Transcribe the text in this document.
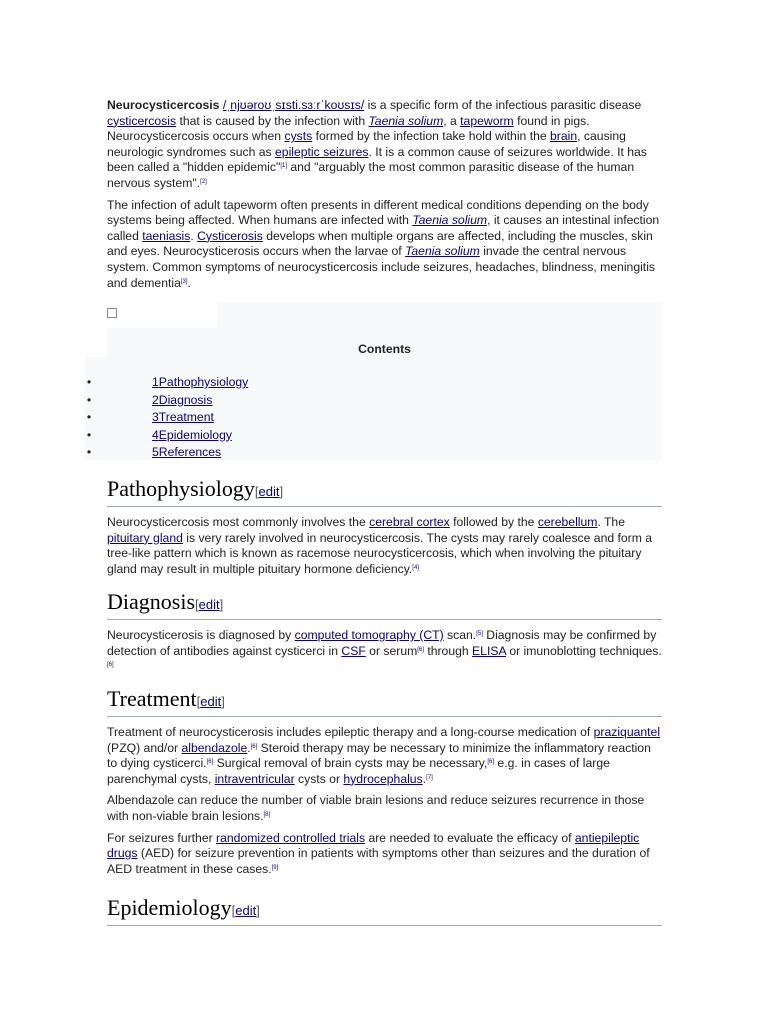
Neurocysticercosis /ˌnjʊəroʊˌsɪsti.sɜːrˈkoʊsɪs/ is a specific form of the infectious parasitic disease cysticercosis that is caused by the infection with Taenia solium, a tapeworm found in pigs. Neurocysticercosis occurs when cysts formed by the infection take hold within the brain, causing neurologic syndromes such as epileptic seizures. It is a common cause of seizures worldwide. It has been called a "hidden epidemic"[1] and "arguably the most common parasitic disease of the human nervous system".[2]

The infection of adult tapeworm often presents in different medical conditions depending on the body systems being affected. When humans are infected with Taenia solium, it causes an intestinal infection called taeniasis. Cysticerosis develops when multiple organs are affected, including the muscles, skin and eyes. Neurocysticerosis occurs when the larvae of Taenia solium invade the central nervous system. Common symptoms of neurocysticercosis include seizures, headaches, blindness, meningitis and dementia[3].

Contents
•	1Pathophysiology
•	2Diagnosis
•	3Treatment
•	4Epidemiology
•	5References
Pathophysiology[edit]

Neurocysticercosis most commonly involves the cerebral cortex followed by the cerebellum. The pituitary gland is very rarely involved in neurocysticercosis. The cysts may rarely coalesce and form a tree-like pattern which is known as racemose neurocysticercosis, which when involving the pituitary gland may result in multiple pituitary hormone deficiency.[4]

Diagnosis[edit]

Neurocysticerosis is diagnosed by computed tomography (CT) scan.[5] Diagnosis may be confirmed by detection of antibodies against cysticerci in CSF or serum[6] through ELISA or imunoblotting techniques.[6]

Treatment[edit]

Treatment of neurocysticerosis includes epileptic therapy and a long-course medication of praziquantel (PZQ) and/or albendazole.[6] Steroid therapy may be necessary to minimize the inflammatory reaction to dying cysticerci.[6] Surgical removal of brain cysts may be necessary,[6] e.g. in cases of large parenchymal cysts, intraventricular cysts or hydrocephalus.[7]

Albendazole can reduce the number of viable brain lesions and reduce seizures recurrence in those with non-viable brain lesions.[8]

For seizures further randomized controlled trials are needed to evaluate the efficacy of antiepileptic drugs (AED) for seizure prevention in patients with symptoms other than seizures and the duration of AED treatment in these cases.[9]

Epidemiology[edit]
